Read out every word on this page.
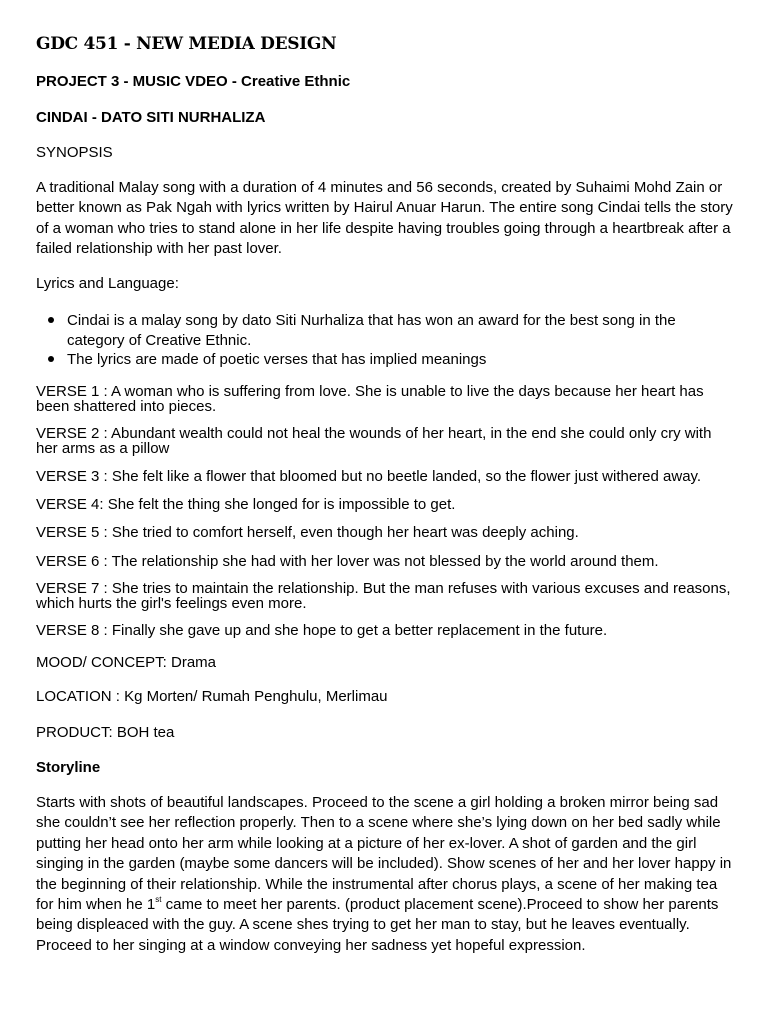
GDC 451 - NEW MEDIA DESIGN

PROJECT 3 - MUSIC VDEO - Creative Ethnic

CINDAI - DATO SITI NURHALIZA

SYNOPSIS

A traditional Malay song with a duration of 4 minutes and 56 seconds, created by Suhaimi Mohd Zain or better known as Pak Ngah with lyrics written by Hairul Anuar Harun. The entire song Cindai tells the story of a woman who tries to stand alone in her life despite having troubles going through a heartbreak after a failed relationship with her past lover.

Lyrics and Language:

Cindai is a malay song by dato Siti Nurhaliza that has won an award for the best song in the category of Creative Ethnic.
The lyrics are made of poetic verses that has implied meanings

VERSE 1 : A woman who is suffering from love. She is unable to live the days because her heart has been shattered into pieces.

VERSE 2 : Abundant wealth could not heal the wounds of her heart, in the end she could only cry with her arms as a pillow

VERSE 3 : She felt like a flower that bloomed but no beetle landed, so the flower just withered away.

VERSE 4: She felt the thing she longed for is impossible to get.

VERSE 5 : She tried to comfort herself, even though her heart was deeply aching.

VERSE 6 : The relationship she had with her lover was not blessed by the world around them.

VERSE 7 : She tries to maintain the relationship. But the man refuses with various excuses and reasons, which hurts the girl's feelings even more.

VERSE 8 : Finally she gave up and she hope to get a better replacement in the future.

MOOD/ CONCEPT: Drama

LOCATION : Kg Morten/ Rumah Penghulu, Merlimau

PRODUCT: BOH tea

Storyline

Starts with shots of beautiful landscapes. Proceed to the scene a girl holding a broken mirror being sad she couldn’t see her reflection properly. Then to a scene where she’s lying down on her bed sadly while putting her head onto her arm while looking at a picture of her ex-lover. A shot of garden and the girl singing in the garden (maybe some dancers will be included). Show scenes of her and her lover happy in the beginning of their relationship. While the instrumental after chorus plays, a scene of her making tea for him when he 1st came to meet her parents. (product placement scene).Proceed to show her parents being displeaced with the guy. A scene shes trying to get her man to stay, but he leaves eventually. Proceed to her singing at a window conveying her sadness yet hopeful expression.
